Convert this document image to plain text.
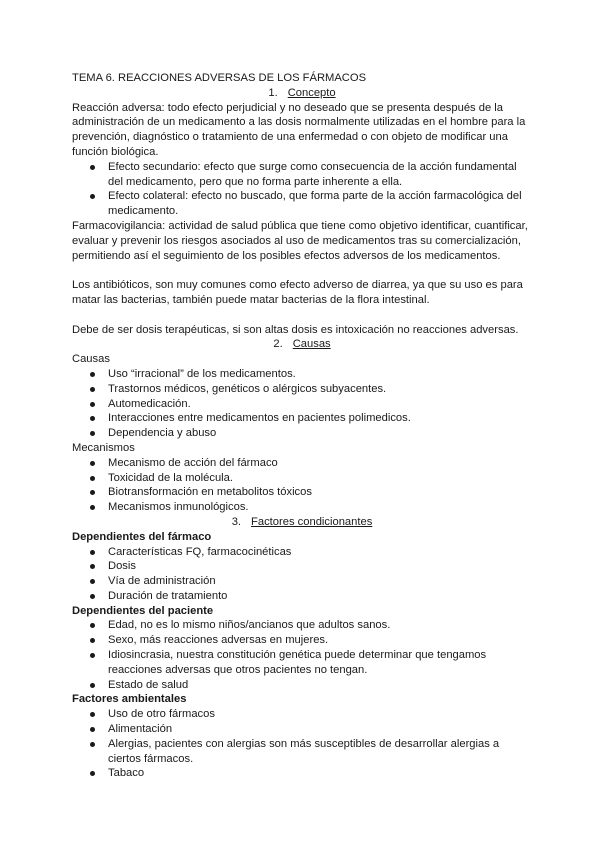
TEMA 6. REACCIONES ADVERSAS DE LOS FÁRMACOS

1. Concepto

Reacción adversa: todo efecto perjudicial y no deseado que se presenta después de la administración de un medicamento a las dosis normalmente utilizadas en el hombre para la prevención, diagnóstico o tratamiento de una enfermedad o con objeto de modificar una función biológica.

Efecto secundario: efecto que surge como consecuencia de la acción fundamental del medicamento, pero que no forma parte inherente a ella.
Efecto colateral: efecto no buscado, que forma parte de la acción farmacológica del medicamento.

Farmacovigilancia: actividad de salud pública que tiene como objetivo identificar, cuantificar, evaluar y prevenir los riesgos asociados al uso de medicamentos tras su comercialización, permitiendo así el seguimiento de los posibles efectos adversos de los medicamentos.

Los antibióticos, son muy comunes como efecto adverso de diarrea, ya que su uso es para matar las bacterias, también puede matar bacterias de la flora intestinal.

Debe de ser dosis terapéuticas, si son altas dosis es intoxicación no reacciones adversas.

2. Causas

Causas

Uso “irracional” de los medicamentos.
Trastornos médicos, genéticos o alérgicos subyacentes.
Automedicación.
Interacciones entre medicamentos en pacientes polimedicos.
Dependencia y abuso

Mecanismos

Mecanismo de acción del fármaco
Toxicidad de la molécula.
Biotransformación en metabolitos tóxicos
Mecanismos inmunológicos.

3. Factores condicionantes

Dependientes del fármaco

Características FQ, farmacocinéticas
Dosis
Vía de administración
Duración de tratamiento

Dependientes del paciente

Edad, no es lo mismo niños/ancianos que adultos sanos.
Sexo, más reacciones adversas en mujeres.
Idiosincrasia, nuestra constitución genética puede determinar que tengamos reacciones adversas que otros pacientes no tengan.
Estado de salud

Factores ambientales

Uso de otro fármacos
Alimentación
Alergias, pacientes con alergias son más susceptibles de desarrollar alergias a ciertos fármacos.
Tabaco
